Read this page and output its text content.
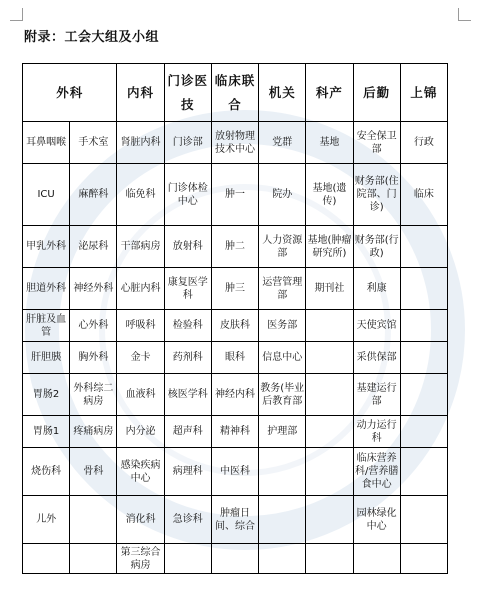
附录：工会大组及小组
外科		内科	门诊医技	临床联合	机关	科产	后勤	上锦
耳鼻咽喉	手术室	肾脏内科	门诊部	放射物理技术中心	党群	基地	安全保卫部	行政
ICU	麻醉科	临免科	门诊体检中心	肿一	院办	基地(遗传)	财务部(住院部、门诊)	临床
甲乳外科	泌尿科	干部病房	放射科	肿二	人力资源部	基地(肿瘤研究所)	财务部(行政)	
胆道外科	神经外科	心脏内科	康复医学科	肿三	运营管理部	期刊社	利康	
肝脏及血管	心外科	呼吸科	检验科	皮肤科	医务部		天使宾馆	
肝胆胰	胸外科	金卡	药剂科	眼科	信息中心		采供保部	
胃肠2	外科综二病房	血液科	核医学科	神经内科	教务(毕业后教育部		基建运行部	
胃肠1	疼痛病房	内分泌	超声科	精神科	护理部		动力运行科	
烧伤科	骨科	感染疾病中心	病理科	中医科			临床营养科/营养膳食中心	
儿外		消化科	急诊科	肿瘤日间、综合			园林绿化中心	
		第三综合病房						
